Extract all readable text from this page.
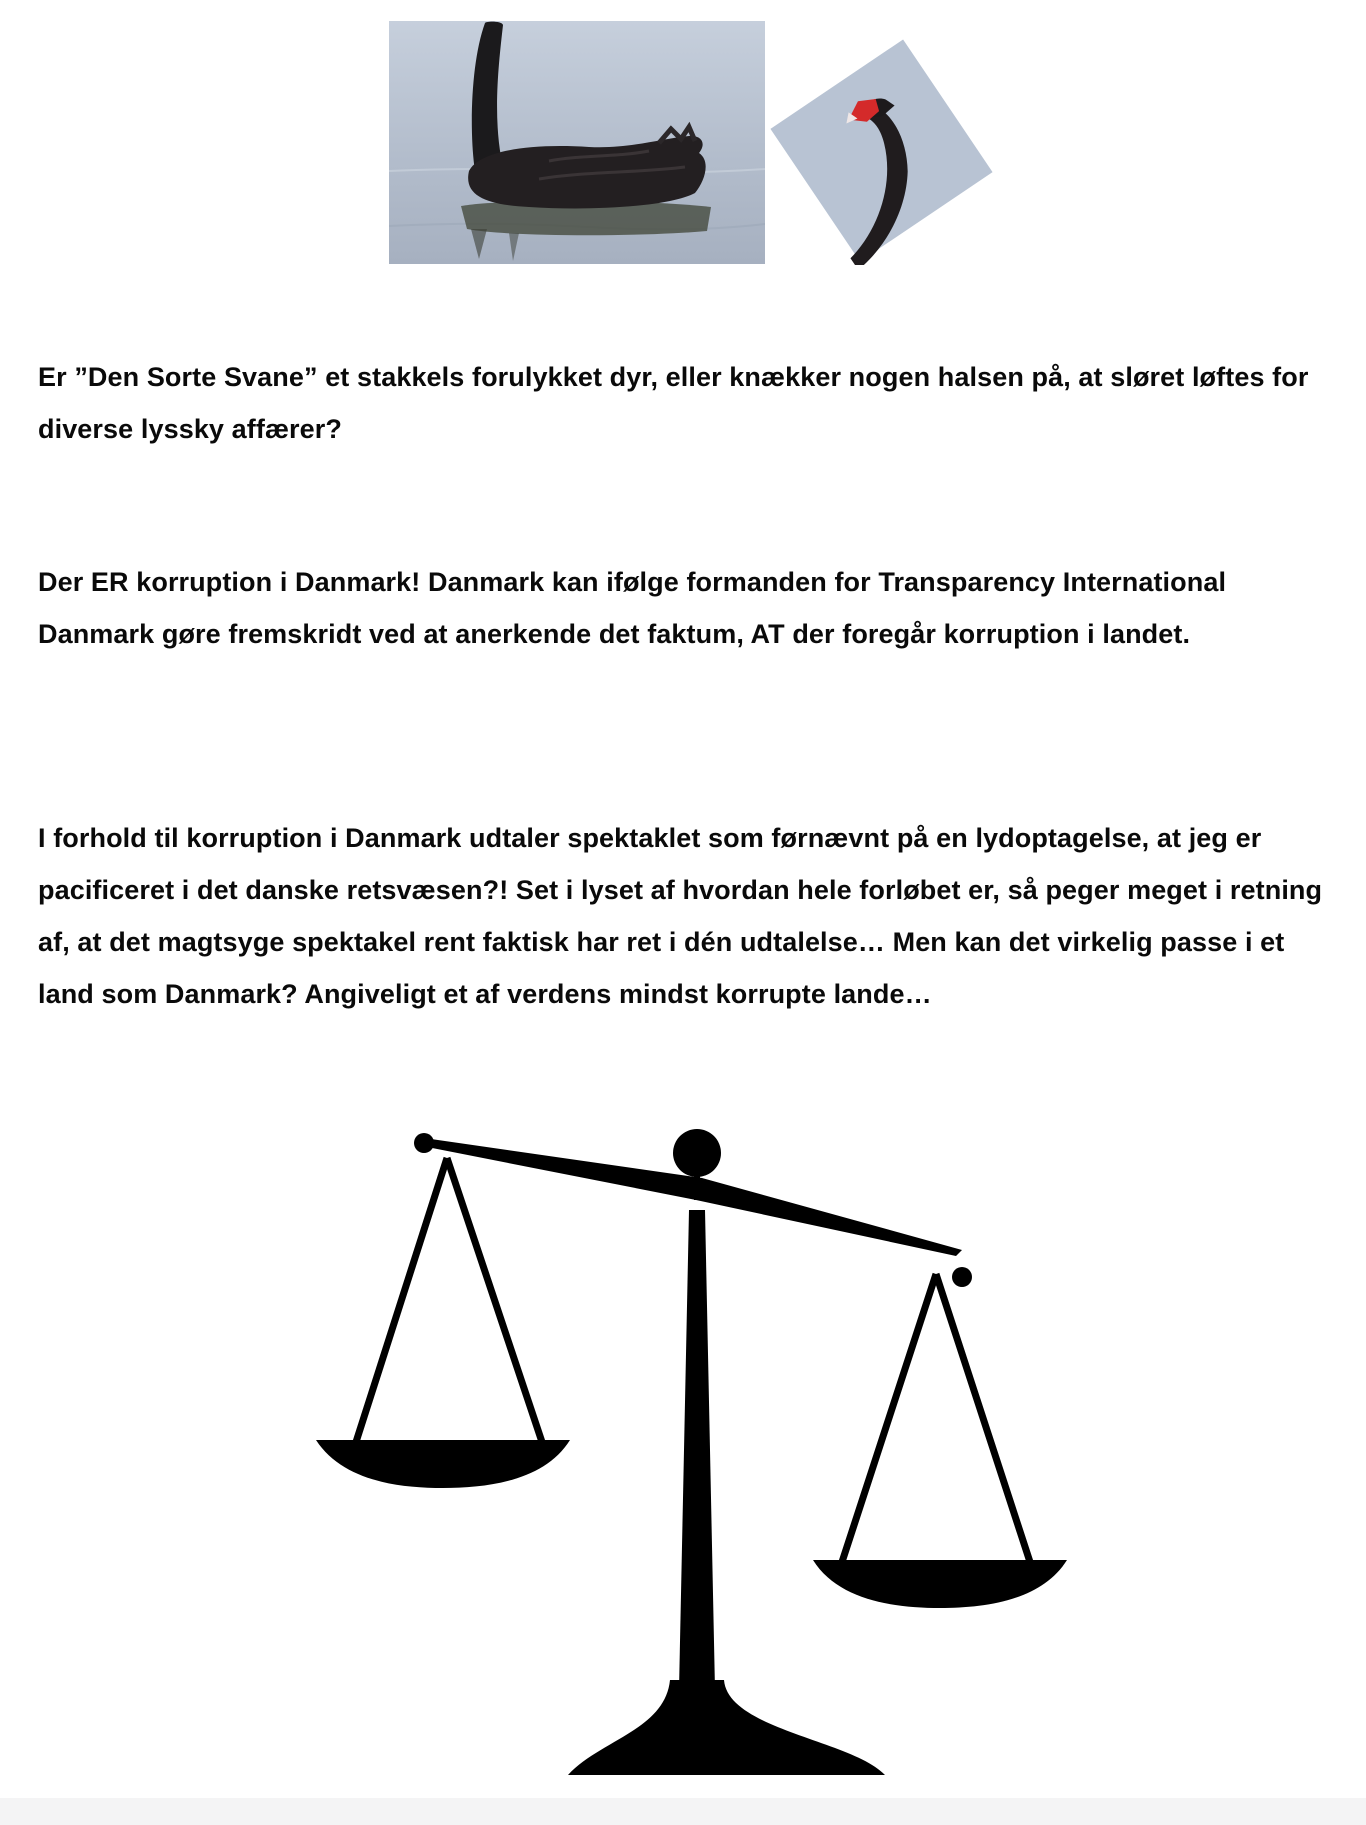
Er ”Den Sorte Svane” et stakkels forulykket dyr, eller knækker nogen halsen på, at sløret løftes for diverse lyssky affærer?

Der ER korruption i Danmark! Danmark kan ifølge formanden for Transparency International Danmark gøre fremskridt ved at anerkende det faktum, AT der foregår korruption i landet.

I forhold til korruption i Danmark udtaler spektaklet som førnævnt på en lydoptagelse, at jeg er pacificeret i det danske retsvæsen?! Set i lyset af hvordan hele forløbet er, så peger meget i retning af, at det magtsyge spektakel rent faktisk har ret i dén udtalelse… Men kan det virkelig passe i et land som Danmark? Angiveligt et af verdens mindst korrupte lande…
